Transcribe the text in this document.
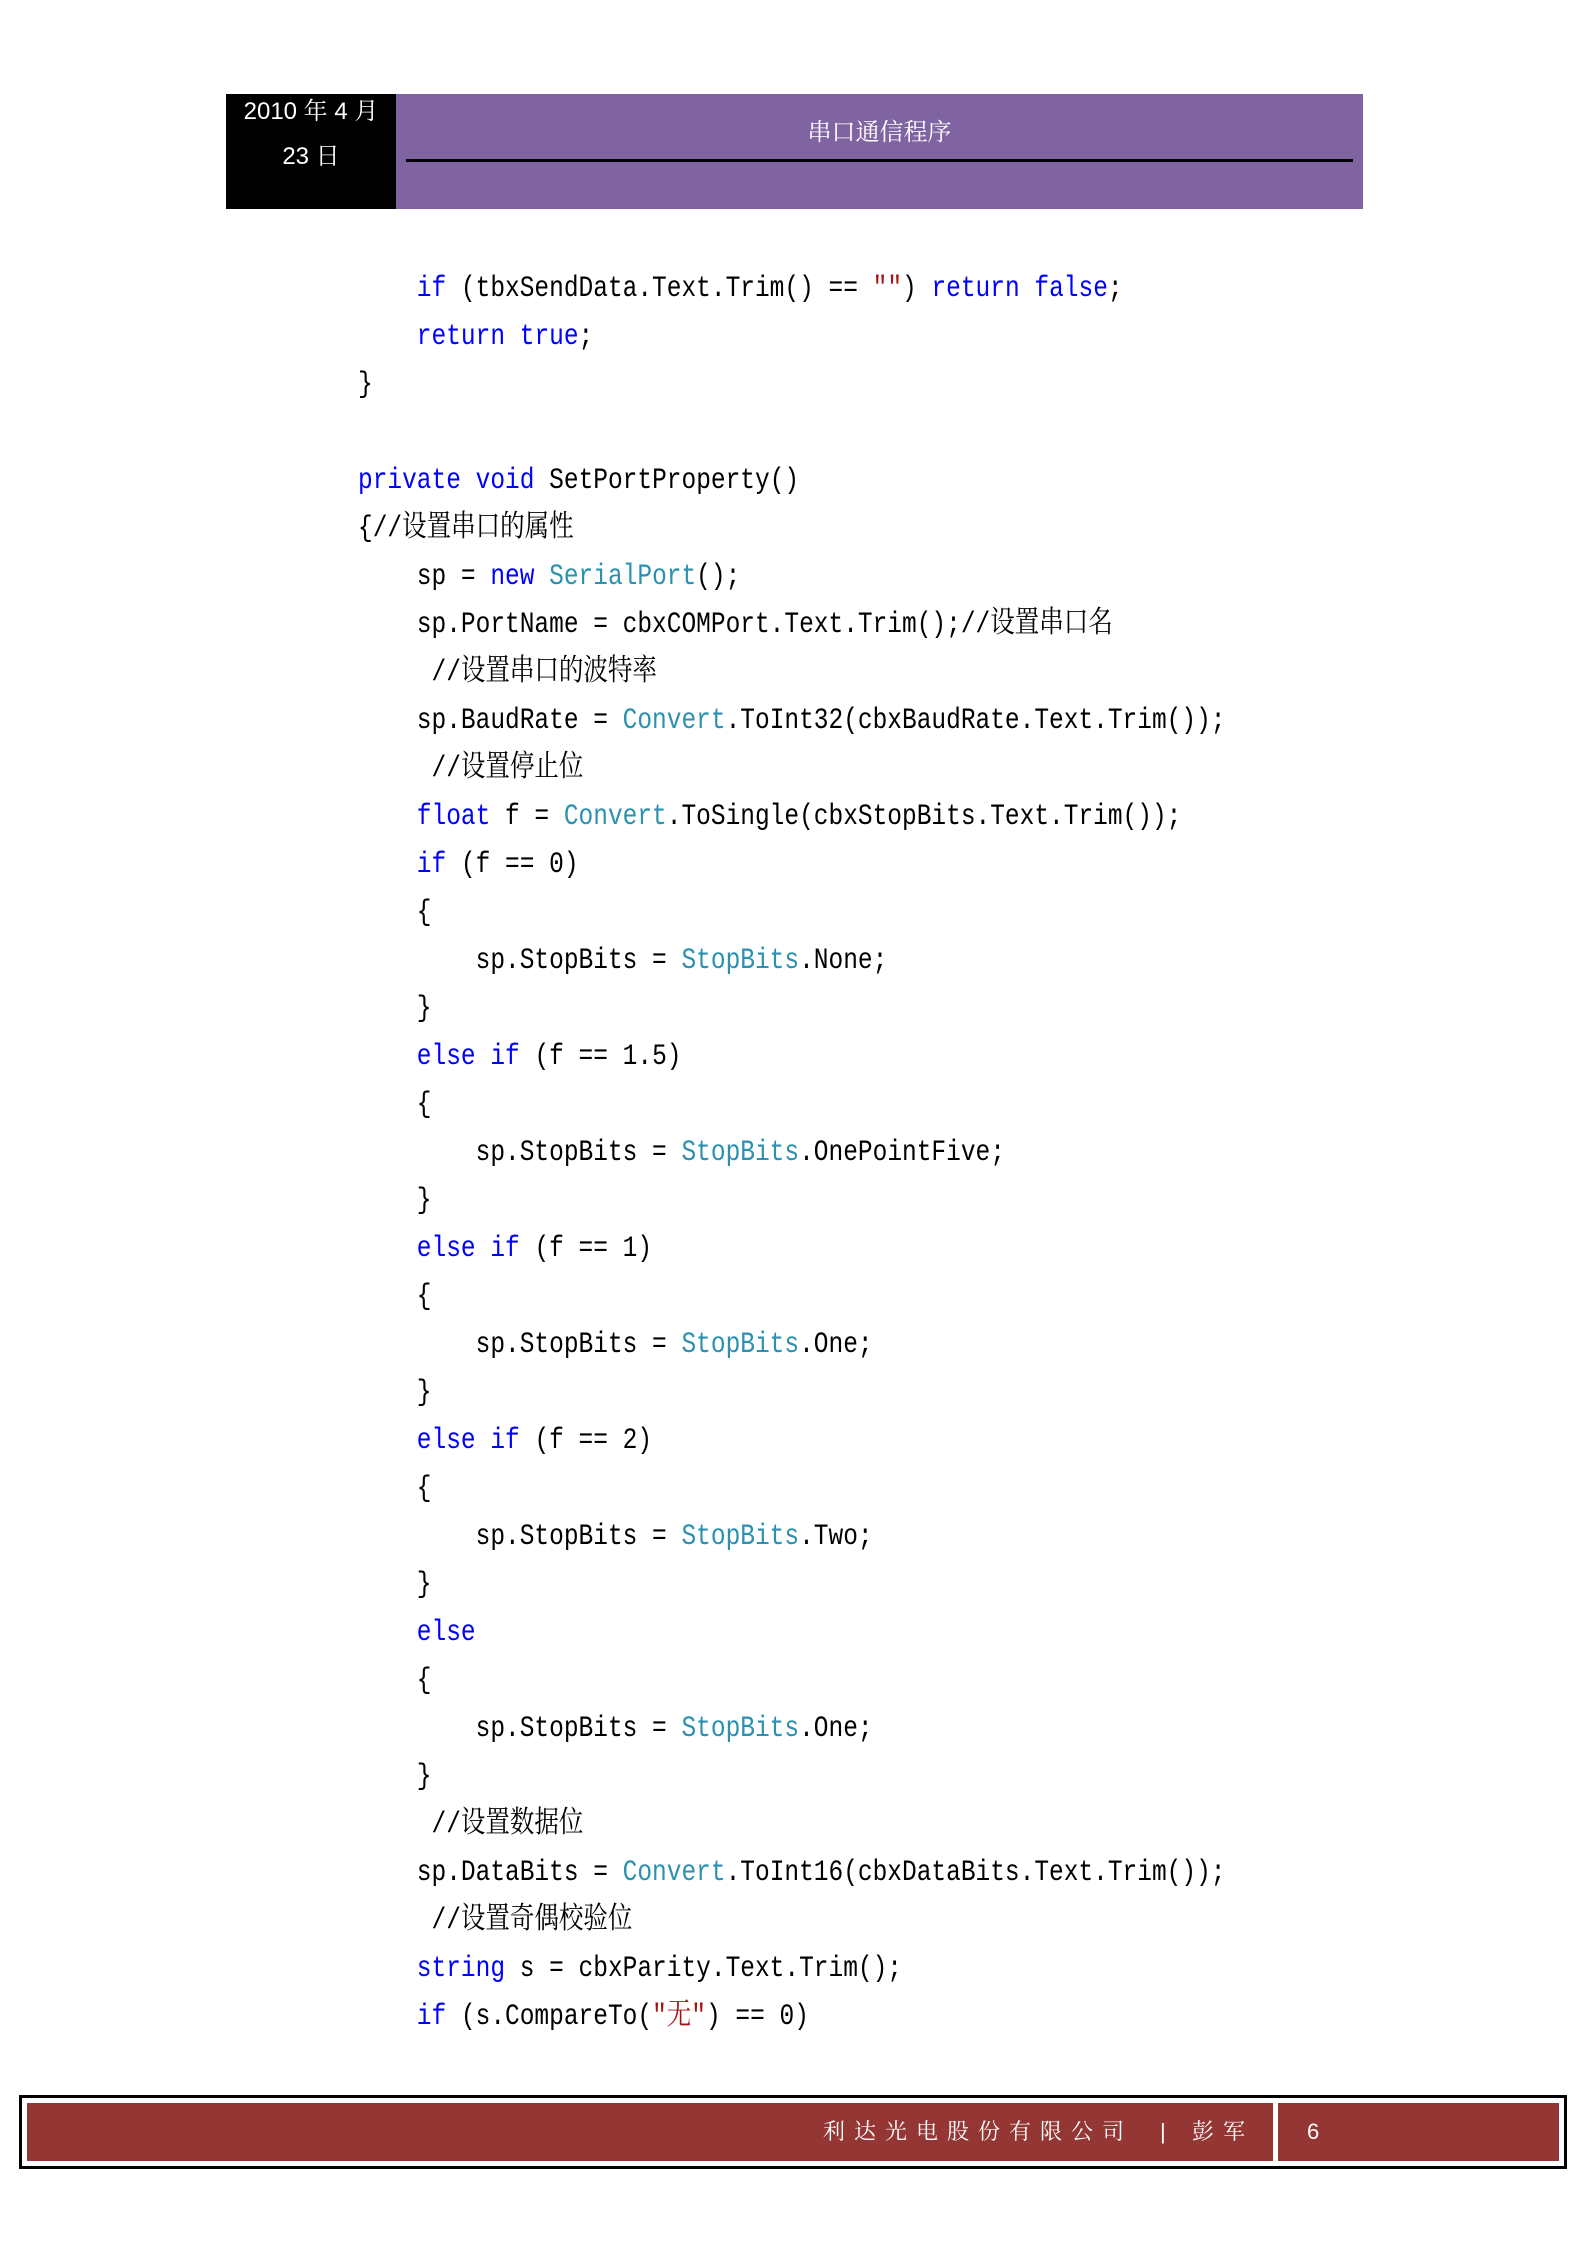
2010 年 4 月
23 日
串口通信程序
if (tbxSendData.Text.Trim() == "") return false;
return true;
}
private void SetPortProperty()
{//设置串口的属性
sp = new SerialPort();
sp.PortName = cbxCOMPort.Text.Trim();//设置串口名
//设置串口的波特率
sp.BaudRate = Convert.ToInt32(cbxBaudRate.Text.Trim());
//设置停止位
float f = Convert.ToSingle(cbxStopBits.Text.Trim());
if (f == 0)
{
sp.StopBits = StopBits.None;
}
else if (f == 1.5)
{
sp.StopBits = StopBits.OnePointFive;
}
else if (f == 1)
{
sp.StopBits = StopBits.One;
}
else if (f == 2)
{
sp.StopBits = StopBits.Two;
}
else
{
sp.StopBits = StopBits.One;
}
//设置数据位
sp.DataBits = Convert.ToInt16(cbxDataBits.Text.Trim());
//设置奇偶校验位
string s = cbxParity.Text.Trim();
if (s.CompareTo("无") == 0)
利达光电股份有限公司 | 彭军 6
